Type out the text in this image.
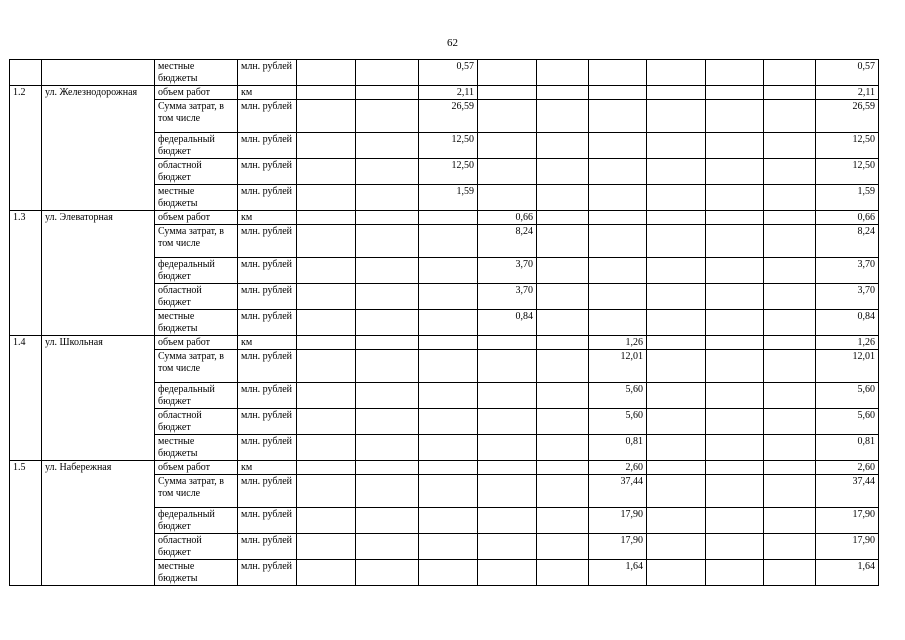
62
		местные бюджеты	млн. рублей			0,57							0,57
1.2	ул. Железнодорожная	объем работ	км			2,11							2,11
		Сумма затрат, в том числе	млн. рублей			26,59							26,59
		федеральный бюджет	млн. рублей			12,50							12,50
		областной бюджет	млн. рублей			12,50							12,50
		местные бюджеты	млн. рублей			1,59							1,59
1.3	ул. Элеваторная	объем работ	км				0,66						0,66
		Сумма затрат, в том числе	млн. рублей				8,24						8,24
		федеральный бюджет	млн. рублей				3,70						3,70
		областной бюджет	млн. рублей				3,70						3,70
		местные бюджеты	млн. рублей				0,84						0,84
1.4	ул. Школьная	объем работ	км						1,26				1,26
		Сумма затрат, в том числе	млн. рублей						12,01				12,01
		федеральный бюджет	млн. рублей						5,60				5,60
		областной бюджет	млн. рублей						5,60				5,60
		местные бюджеты	млн. рублей						0,81				0,81
1.5	ул. Набережная	объем работ	км						2,60				2,60
		Сумма затрат, в том числе	млн. рублей						37,44				37,44
		федеральный бюджет	млн. рублей						17,90				17,90
		областной бюджет	млн. рублей						17,90				17,90
		местные бюджеты	млн. рублей						1,64				1,64
